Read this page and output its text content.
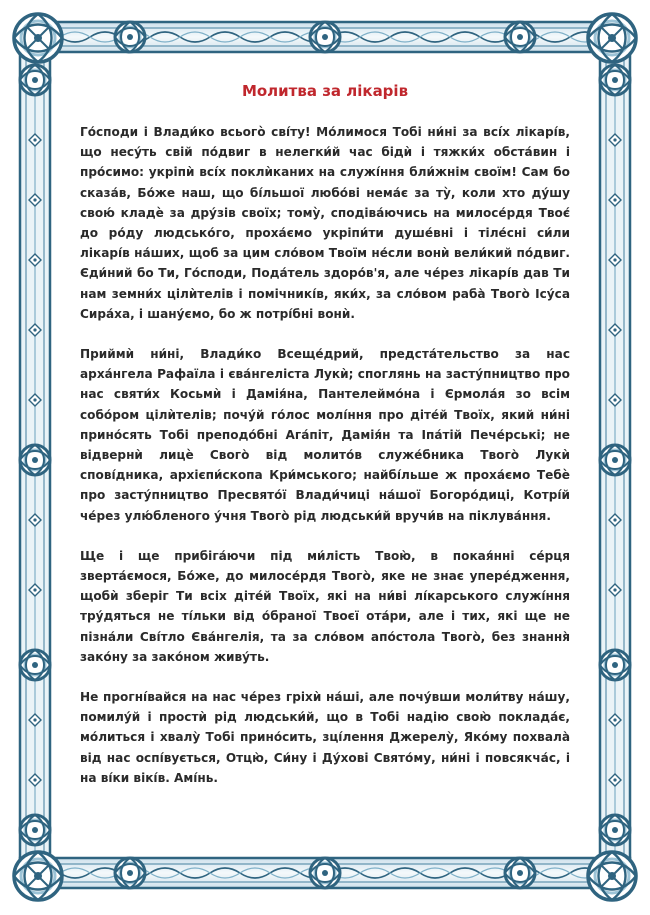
Молитва за лікарів

Го́споди і Влади́ко всьогò сві́ту! Мо́лимося Тобі ни́ні за всíх лікарі́в, що несу́ть свій по́двиг в нелегки́й час бідѝ і тяжки́х обста́вин і про́симо: укріпѝ всíх поклѝканих на служі́ння бли́жнім своїм! Сам бо сказа́в, Бо́же наш, що бі́льшої любо́ві нема́є за тỳ, коли хто ду́шу свою́ кладѐ за дру́зів своїх; томỳ, сподіва́ючись на милосе́рдя Твоє́ до ро́ду людсько́го, проха́ємо укріпи́ти душе́вні і тіле́сні си́ли лікарі́в на́ших, щоб за цим сло́вом Твоїм не́сли вонѝ вели́кий по́двиг. Єди́ний бо Ти, Го́споди, Пода́тель здоро́в'я, але че́рез лікарі́в дав Ти нам земни́х цілѝтелів і помічникі́в, яки́х, за сло́вом раба̀ Твого̀ Ісу́са Сира́ха, і шану́ємо, бо ж потрі́бні вонѝ.

Приймѝ ни́ні, Влади́ко Всеще́дрий, предста́тельство за нас арха́нгела Рафаїла і єва́нгеліста Лукѝ; споглянь на засту́пництво про нас святи́х Косьмѝ і Дамія́на, Пантелеймо́на і Єрмола́я зо всім собо́ром цілѝтелів; почу́й го́лос молі́ння про діте́й Твоїх, який ни́ні прино́сять Тобі преподо́бні Ага́піт, Дамія́н та Іпа́тій Пече́рські; не відвернѝ лицѐ Свого̀ від молито́в служе́бника Твого̀ Лукѝ спові́дника, архієпи́скопа Кри́мського; найбі́льше ж проха́ємо Тебѐ про засту́пництво Пресвято́ї Влади́чиці на́шої Богоро́диці, Котрі́й че́рез улю́бленого у́чня Твого̀ рід людськи́й вручи́в на піклува́ння.

Ще і ще прибіга́ючи під ми́лість Твою̀, в покая́нні се́рця зверта́ємося, Бо́же, до милосе́рдя Твого̀, яке не знає упере́дження, щобѝ зберіг Ти всіх діте́й Твоїх, які на ни́ві лі́карського служі́ння тру́дяться не ті́льки від о́браної Твоєї ота́ри, але і тих, які ще не пізна́ли Сві́тло Єва́нгелія, та за сло́вом апо́стола Твого̀, без знання̀ зако́ну за зако́ном живу́ть.

Не прогнíвайся на нас че́рез гріхѝ на́ші, але почу́вши моли́тву на́шу, помилу́й і простѝ рід людськи́й, що в Тобі надію свою̀ поклада́є, мо́литься і хвалу̀ Тобі прино́сить, зці́лення Джерелу̀, Яко́му похвала̀ від нас оспі́вується, Отцю̀, Си́ну і Ду́хові Свято́му, ни́ні і повсякча́с, і на ві́ки вікі́в. Амі́нь.
